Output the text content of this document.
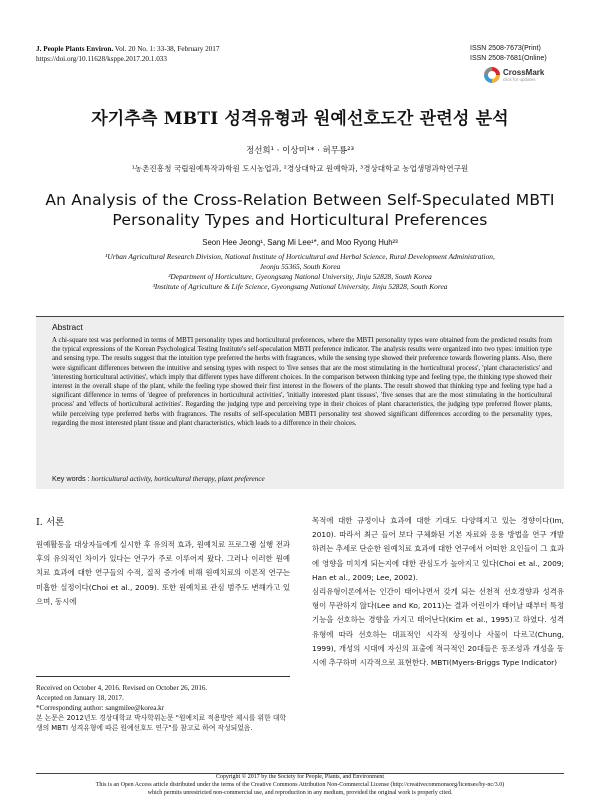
J. People Plants Environ. Vol. 20 No. 1: 33-38, February 2017
https://doi.org/10.11628/ksppe.2017.20.1.033
ISSN 2508-7673(Print)
ISSN 2508-7681(Online)
CrossMark
click for updates
자기추측 MBTI 성격유형과 원예선호도간 관련성 분석
정선희¹ · 이상미¹* · 허무룡²³
¹농촌진흥청 국립원예특작과학원 도시농업과, ²경상대학교 원예학과, ³경상대학교 농업생명과학연구원
An Analysis of the Cross-Relation Between Self-Speculated MBTI
Personality Types and Horticultural Preferences
Seon Hee Jeong¹, Sang Mi Lee¹*, and Moo Ryong Huh²³
¹Urban Agricultural Research Division, National Institute of Horticultural and Herbal Science, Rural Development Administration,
Jeonju 55365, South Korea
²Department of Horticulture, Gyeongsang National University, Jinju 52828, South Korea
³Institute of Agriculture & Life Science, Gyeongsang National University, Jinju 52828, South Korea
Abstract
A chi-square test was performed in terms of MBTI personality types and horticultural preferences, where the MBTI personality types were obtained from the predicted results from the typical expressions of the Korean Psychological Testing Institute's self-speculation MBTI preference indicator. The analysis results were organized into two types: intuition type and sensing type. The results suggest that the intuition type preferred the herbs with fragrances, while the sensing type showed their preference towards flowering plants. Also, there were significant differences between the intuitive and sensing types with respect to 'five senses that are the most stimulating in the horticultural process', 'plant characteristics' and 'interesting horticultural activities', which imply that different types have different choices. In the comparison between thinking type and feeling type, the thinking type showed their interest in the overall shape of the plant, while the feeling type showed their first interest in the flowers of the plants. The result showed that thinking type and feeling type had a significant difference in terms of 'degree of preferences in horticultural activities', 'initially interested plant tissues', 'five senses that are the most stimulating in the horticultural process' and 'effects of horticultural activities'. Regarding the judging type and perceiving type in their choices of plant characteristics, the judging type preferred flower plants, while perceiving type preferred herbs with fragrances. The results of self-speculation MBTI personality test showed significant differences according to the personality types, regarding the most interested plant tissue and plant characteristics, which leads to a difference in their choices.
Key words : horticultural activity, horticultural therapy, plant preference
Ⅰ. 서론

원예활동을 대상자들에게 실시한 후 유의적 효과, 원예치료 프로그램 실행 전과 후의 유의적인 차이가 있다는 연구가 주로 이루어져 왔다. 그러나 이러한 원예치료 효과에 대한 연구들의 수적, 질적 증가에 비해 원예치료의 이론적 연구는 미흡한 실정이다(Choi et al., 2009). 또한 원예치료 관심 범주도 변해가고 있으며, 동시에

목적에 대한 규정이나 효과에 대한 기대도 다양해지고 있는 경향이다(Im, 2010). 따라서 최근 들어 보다 구체화된 기본 자료와 응용 방법을 연구 개발 하려는 추세로 단순한 원예치료 효과에 대한 연구에서 어떠한 요인들이 그 효과에 영향을 미치게 되는지에 대한 관심도가 높아지고 있다(Choi et al., 2009; Han et al., 2009; Lee, 2002).

심리유형이론에서는 인간이 태어나면서 갖게 되는 선천적 선호경향과 성격유형이 무관하지 않다(Lee and Ko, 2011)는 결과 어린이가 태어날 때부터 특정 기능을 선호하는 경향을 가지고 태어난다(Kim et al., 1995)고 하였다. 성격유형에 따라 선호하는 대표적인 시각적 상징이나 사물이 다르고(Chung, 1999), 개성의 시대에 자신의 표출에 적극적인 20대들은 동조성과 개성을 동시에 추구하며 시각적으로 표현한다. MBTI(Myers-Briggs Type Indicator)

Received on October 4, 2016. Revised on October 26, 2016.
Accepted on January 18, 2017.
*Corresponding author: sangmilee@korea.kr
본 논문은 2012년도 경상대학교 박사학위논문 "원예치료 적용방안 제시를 위한 대학생의 MBTI 성격유형에 따른 원예선호도 연구"를 참고로 하여 작성되었음.
Copyright © 2017 by the Society for People, Plants, and Environment
This is an Open Access article distributed under the terms of the Creative Commons Attribution Non-Commercial License (http://creativecommonsorg/licenses/by-nc/3.0)
which permits unrestricted non-commercial use, and reproduction in any medium, provided the original work is properly cited.
